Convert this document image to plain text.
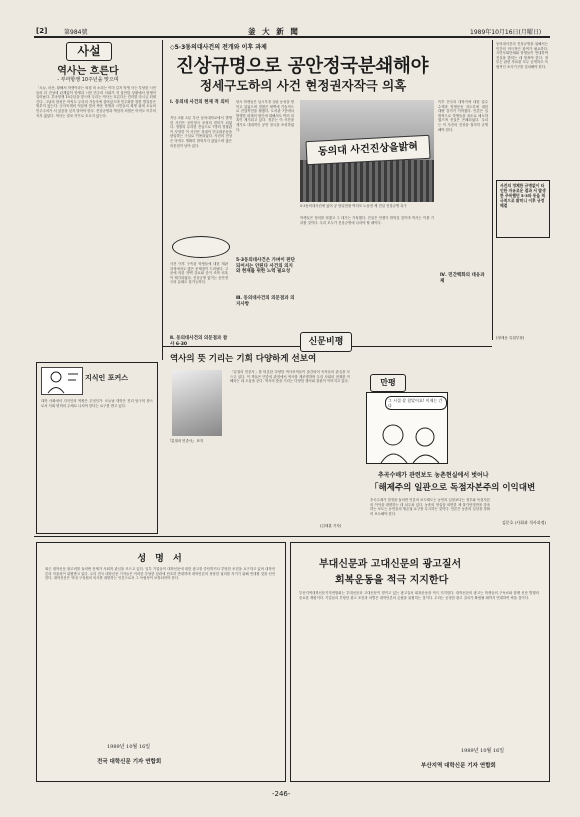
[2]	第984號	釜 大 新 聞	1989年10月16日(月曜日)
사설
역사는 흐른다
- 부마항쟁 10주년을 맞으며
「오늘, 마산, 황해서 학생이라는 외침 의 소리는 이미 길지 학생 사는 부당한 시민들의 더 진상에 관계없이 학생과 시민 민주의 사회가 지 불안한 상황에서 항쟁이 일어났다. 부마항쟁 10주년을 맞으며 우리는 역사는 흐른다는 진리를 다시금 되새긴다. 그날의 함성은 아직도 우리의 가슴속에 살아있으며 민주화를 향한 발걸음은 멈추지 않는다. 군사독재의 억압에 맞서 싸운 학생과 시민들의 희생 위에 오늘의 민주주의가 서 있음을 잊지 말아야 한다. 진상규명과 책임자 처벌은 아직도 이루어지지 않았다. 역사는 결코 거꾸로 흐르지 않는다.
지식인 포커스
대학 사회에서 지식인의 역할은 무엇인가. 오늘날 대학은 진리 탐구의 장으로서 사회 변혁의 주체로 나서야 한다는 요구를 받고 있다.
◇5·3동의대사건의 전개와 이후 과제
진상규명으로 공안정국분쇄해야
정세구도하의 사건 현정권자작극 의혹
Ⅰ. 동의대 사건의 현재 적 의미
지난 5월 3일 부산 동의대학교에서 발생한 사건은 공안정국 조성의 빌미가 되었다. 경찰의 무리한 진압으로 7명의 경찰관이 사망한 이 사건은 정권이 민주화운동을 탄압하는 구실로 이용되었다. 사건의 진상은 아직도 명확히 밝혀지지 않았으며 많은 의문점이 남아 있다.
당시 학생들은 입시부정 규탄 농성을 벌이고 있었으며 경찰은 새벽에 기습적으로 진압작전을 펼쳤다. 도서관 7층에서 발생한 화재의 원인에 대해서도 여러 의혹이 제기되고 있다. 정부는 이 사건을 계기로 대대적인 공안 정국을 조성하였다.
동의대 사건진상을밝혀
5·3동의대사건에 있어 공 당일현장 여러모 노동전 제 진실 진상규명 촉구
이후 전국의 대학가에 대한 압수수색과 학생운동 지도부에 대한 대량 검거가 이어졌다. 언론은 일방적으로 학생들을 폭도로 매도하였으며 진실은 은폐되었다. 우리는 이 사건의 진상을 철저히 규명해야 한다.
사건 이후 구속된 학생들에 대한 재판 과정에서도 많은 문제점이 드러났다. 고문에 의한 자백 강요와 증거 조작 의혹이 제기되었다. 진상규명 없이는 공안정국의 분쇄도 불가능하다.
Ⅱ. 동의대사건의 의문점과 참사 6·30
5·3동의대사건은 가벼이 판단되어서는 안된다 사건의 의지와 현재를 위한 노력 필요성
학생들은 정의를 외쳤고 그 대가는 가혹했다. 진실은 언젠가 밝혀질 것이며 역사는 이를 기록할 것이다. 우리 모두가 진상규명에 나서야 할 때이다.
Ⅲ. 동의대사건의 의문점과 의지사항
동의대사건의 진상규명을 위해서는 민간의 적극적인 참여가 필요하다. 시민사회단체와 학생들이 연대하여 진실을 밝히는 데 힘써야 한다. 정부는 관련 자료를 모두 공개하고 독립적인 조사기구를 설치해야 한다.
사건의 정체한 규명없이 타인한 자유로운 결과 서 발생한 주목했던 5·3와 동을 적극적으로 밝히니 이후 규정 해결
Ⅳ. 민간백화의 대응과제
(정세동 특집부장)
역사의 뜻 기리는 기회 다양하게 선보여
『분열의 민중사』 표지
「분열의 민중사」를 비롯한 다양한 역사서적들이 출간되어 독자들의 관심을 모으고 있다. 이 책들은 민중의 관점에서 역사를 재조명하며 우리 사회의 현재를 이해하는 데 도움을 준다. 역사의 뜻을 기리는 다양한 행사와 출판이 이어지고 있다.
(김태훈 기자)
신문비평
만평
그 시절 잘 참았어요! 이제는 간다
추곡수매가 관련보도 농촌현실에서 벗어나
「해제주의 일관으로 독점자본주의 이익대변
추곡수매가 결정을 둘러싼 언론의 보도태도는 농민의 입장보다는 정부와 독점자본의 이익을 대변하는 데 치우쳐 있다. 농촌의 현실을 외면한 채 물가안정만을 강조하는 보도는 농민들의 생존권 요구를 무시하는 것이다. 언론은 농촌의 실상을 정확히 보도해야 한다.
김문호 (사회과 석사과정)
성 명 서
최근 대학신문 광고비를 둘러싼 문제가 사회적 관심을 모으고 있다. 일부 기업들이 대학신문에 대한 광고를 중단하거나 부당한 조건을 요구하고 있어 대학언론의 자율성이 위협받고 있다. 우리 전국 대학신문 기자들은 이러한 부당한 압력에 단호히 반대하며 대학언론의 정당한 권리를 지키기 위해 연대할 것을 선언한다. 대학신문은 학내 구성원의 의사를 대변하는 언론으로서 그 독립성이 보장되어야 한다.
1989년 10월 16일
전국 대학신문 기자 연합회
부대신문과 고대신문의 광고질서
회복운동을 적극 지지한다
부산지역대학신문기자연합회는 부대신문과 고대신문이 벌이고 있는 광고질서 회복운동을 적극 지지한다. 대학신문의 광고는 학생들의 구독료와 함께 신문 발행의 중요한 재원이다. 기업들의 부당한 광고 조건과 차별은 대학언론의 존립을 위협하는 것이다. 우리는 공정한 광고 질서가 확립될 때까지 연대하여 싸울 것이다.
1989년 10월 16일
부산지역 대학신문 기자 연합회
-246-
